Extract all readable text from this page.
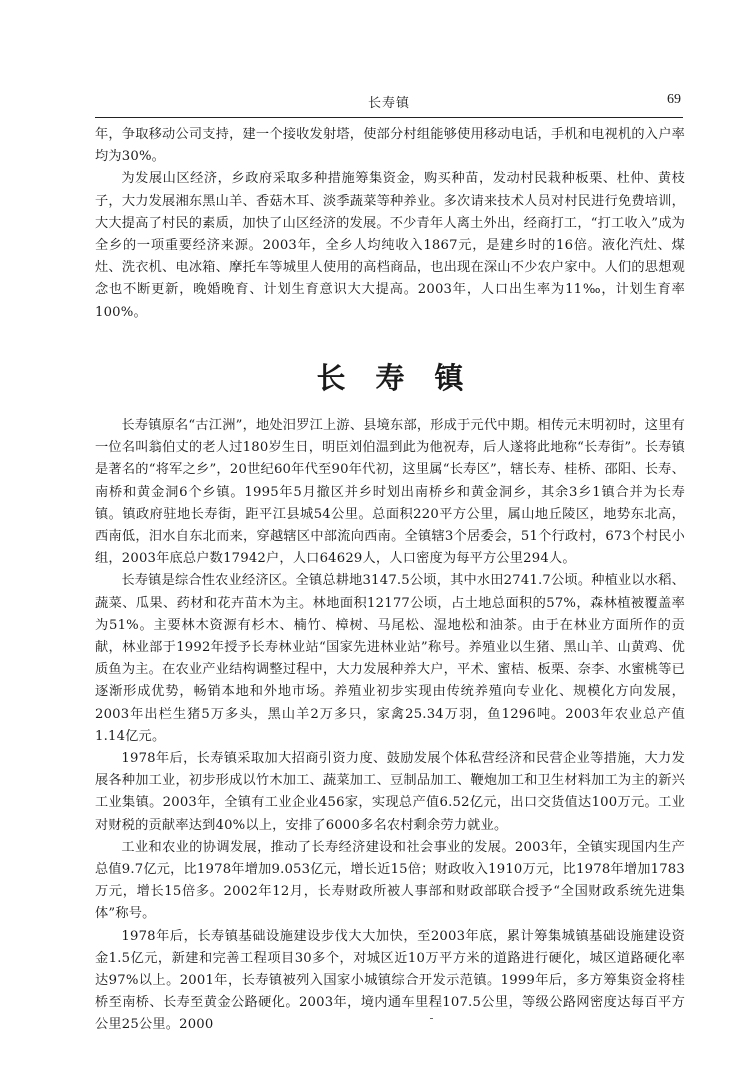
长寿镇	69

年，争取移动公司支持，建一个接收发射塔，使部分村组能够使用移动电话，手机和电视机的入户率均为30%。

为发展山区经济，乡政府采取多种措施筹集资金，购买种苗，发动村民栽种板栗、杜仲、黄枝子，大力发展湘东黑山羊、香菇木耳、淡季蔬菜等种养业。多次请来技术人员对村民进行免费培训，大大提高了村民的素质，加快了山区经济的发展。不少青年人离土外出，经商打工，“打工收入”成为全乡的一项重要经济来源。2003年，全乡人均纯收入1867元，是建乡时的16倍。液化汽灶、煤灶、洗衣机、电冰箱、摩托车等城里人使用的高档商品，也出现在深山不少农户家中。人们的思想观念也不断更新，晚婚晚育、计划生育意识大大提高。2003年，人口出生率为11‰，计划生育率100%。

长寿镇

长寿镇原名“古江洲”，地处汨罗江上游、县境东部，形成于元代中期。相传元末明初时，这里有一位名叫翁伯丈的老人过180岁生日，明臣刘伯温到此为他祝寿，后人遂将此地称“长寿街”。长寿镇是著名的“将军之乡”，20世纪60年代至90年代初，这里属“长寿区”，辖长寿、桂桥、邵阳、长寿、南桥和黄金洞6个乡镇。1995年5月撤区并乡时划出南桥乡和黄金洞乡，其余3乡1镇合并为长寿镇。镇政府驻地长寿街，距平江县城54公里。总面积220平方公里，属山地丘陵区，地势东北高，西南低，汨水自东北而来，穿越辖区中部流向西南。全镇辖3个居委会，51个行政村，673个村民小组，2003年底总户数17942户，人口64629人，人口密度为每平方公里294人。

长寿镇是综合性农业经济区。全镇总耕地3147.5公顷，其中水田2741.7公顷。种植业以水稻、蔬菜、瓜果、药材和花卉苗木为主。林地面积12177公顷，占土地总面积的57%，森林植被覆盖率为51%。主要林木资源有杉木、楠竹、樟树、马尾松、湿地松和油茶。由于在林业方面所作的贡献，林业部于1992年授予长寿林业站“国家先进林业站”称号。养殖业以生猪、黑山羊、山黄鸡、优质鱼为主。在农业产业结构调整过程中，大力发展种养大户，平术、蜜桔、板栗、奈李、水蜜桃等已逐渐形成优势，畅销本地和外地市场。养殖业初步实现由传统养殖向专业化、规模化方向发展，2003年出栏生猪5万多头，黑山羊2万多只，家禽25.34万羽，鱼1296吨。2003年农业总产值1.14亿元。

1978年后，长寿镇采取加大招商引资力度、鼓励发展个体私营经济和民营企业等措施，大力发展各种加工业，初步形成以竹木加工、蔬菜加工、豆制品加工、鞭炮加工和卫生材料加工为主的新兴工业集镇。2003年，全镇有工业企业456家，实现总产值6.52亿元，出口交货值达100万元。工业对财税的贡献率达到40%以上，安排了6000多名农村剩余劳力就业。

工业和农业的协调发展，推动了长寿经济建设和社会事业的发展。2003年，全镇实现国内生产总值9.7亿元，比1978年增加9.053亿元，增长近15倍；财政收入1910万元，比1978年增加1783万元，增长15倍多。2002年12月，长寿财政所被人事部和财政部联合授予“全国财政系统先进集体”称号。

1978年后，长寿镇基础设施建设步伐大大加快，至2003年底，累计筹集城镇基础设施建设资金1.5亿元，新建和完善工程项目30多个，对城区近10万平方米的道路进行硬化，城区道路硬化率达97%以上。2001年，长寿镇被列入国家小城镇综合开发示范镇。1999年后，多方筹集资金将桂桥至南桥、长寿至黄金公路硬化。2003年，境内通车里程107.5公里，等级公路网密度达每百平方公里25公里。2000
